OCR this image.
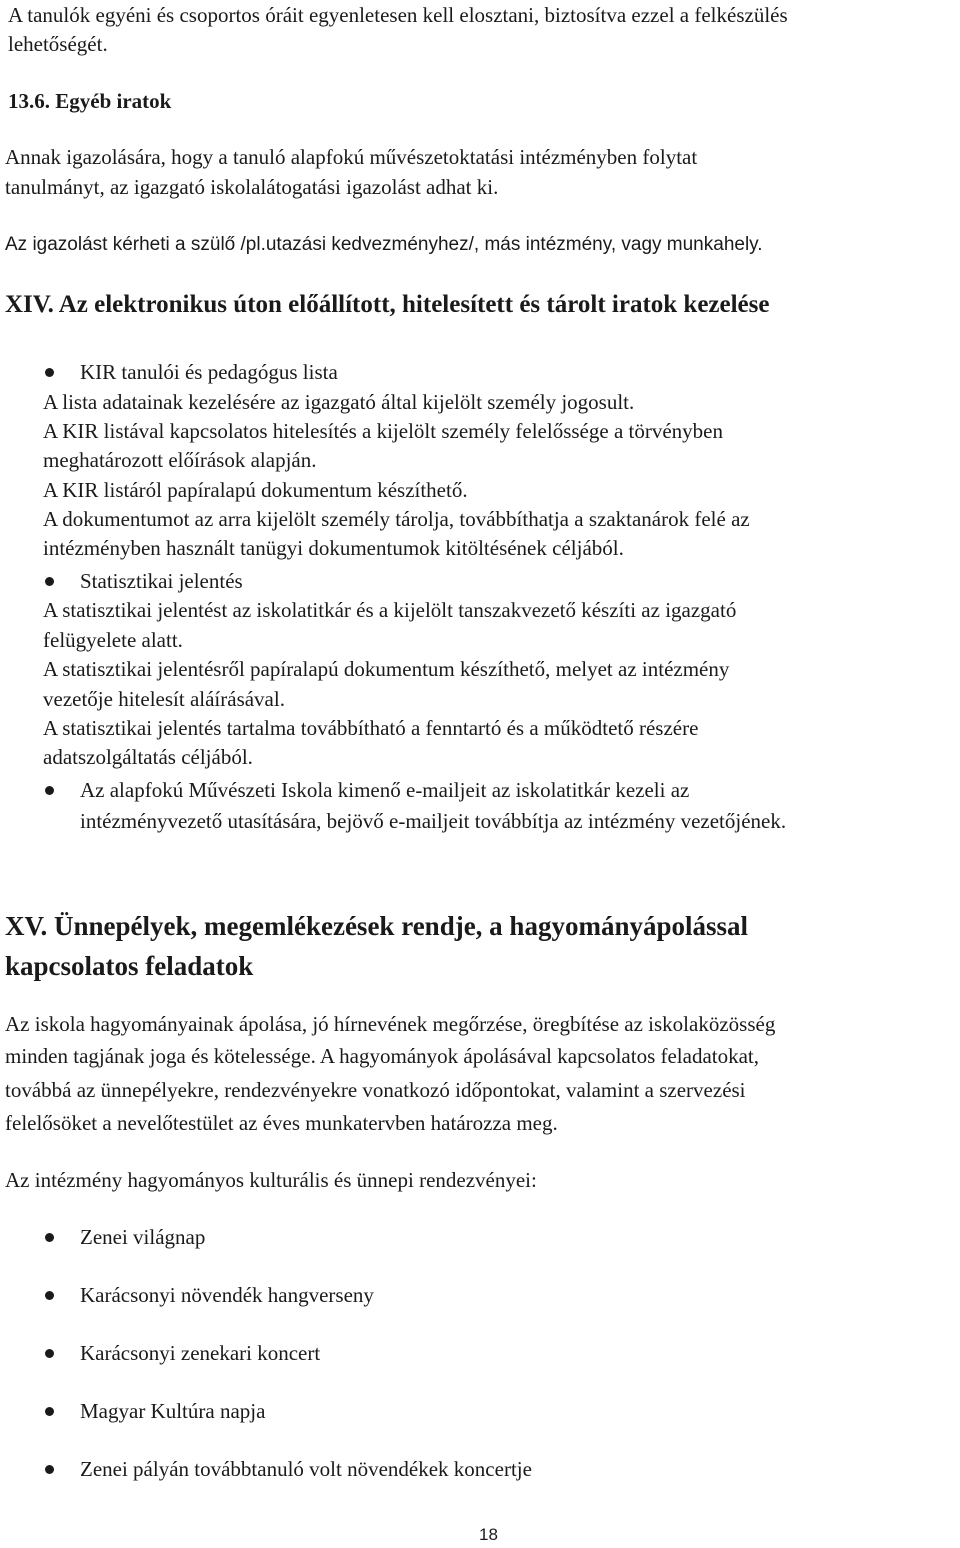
A tanulók egyéni és csoportos óráit egyenletesen kell elosztani, biztosítva ezzel a felkészülés
lehetőségét.
13.6. Egyéb iratok
Annak igazolására, hogy a tanuló alapfokú művészetoktatási intézményben folytat
tanulmányt, az igazgató iskolalátogatási igazolást adhat ki.
Az igazolást kérheti a szülő /pl.utazási kedvezményhez/, más intézmény, vagy munkahely.
XIV. Az elektronikus úton előállított, hitelesített és tárolt iratok kezelése
KIR tanulói és pedagógus lista
A lista adatainak kezelésére az igazgató által kijelölt személy jogosult.
A KIR listával kapcsolatos hitelesítés a kijelölt személy felelőssége a törvényben
meghatározott előírások alapján.
A KIR listáról papíralapú dokumentum készíthető.
A dokumentumot az arra kijelölt személy tárolja, továbbíthatja a szaktanárok felé az
intézményben használt tanügyi dokumentumok kitöltésének céljából.
Statisztikai jelentés
A statisztikai jelentést az iskolatitkár és a kijelölt tanszakvezető készíti az igazgató
felügyelete alatt.
A statisztikai jelentésről papíralapú dokumentum készíthető, melyet az intézmény
vezetője hitelesít aláírásával.
A statisztikai jelentés tartalma továbbítható a fenntartó és a működtető részére
adatszolgáltatás céljából.
Az alapfokú Művészeti Iskola kimenő e-mailjeit az iskolatitkár kezeli az
intézményvezető utasítására, bejövő e-mailjeit továbbítja az intézmény vezetőjének.
XV. Ünnepélyek, megemlékezések rendje, a hagyományápolással
kapcsolatos feladatok
Az iskola hagyományainak ápolása, jó hírnevének megőrzése, öregbítése az iskolaközösség
minden tagjának joga és kötelessége. A hagyományok ápolásával kapcsolatos feladatokat,
továbbá az ünnepélyekre, rendezvényekre vonatkozó időpontokat, valamint a szervezési
felelősöket a nevelőtestület az éves munkatervben határozza meg.
Az intézmény hagyományos kulturális és ünnepi rendezvényei:
Zenei világnap
Karácsonyi növendék hangverseny
Karácsonyi zenekari koncert
Magyar Kultúra napja
Zenei pályán továbbtanuló volt növendékek koncertje
18
